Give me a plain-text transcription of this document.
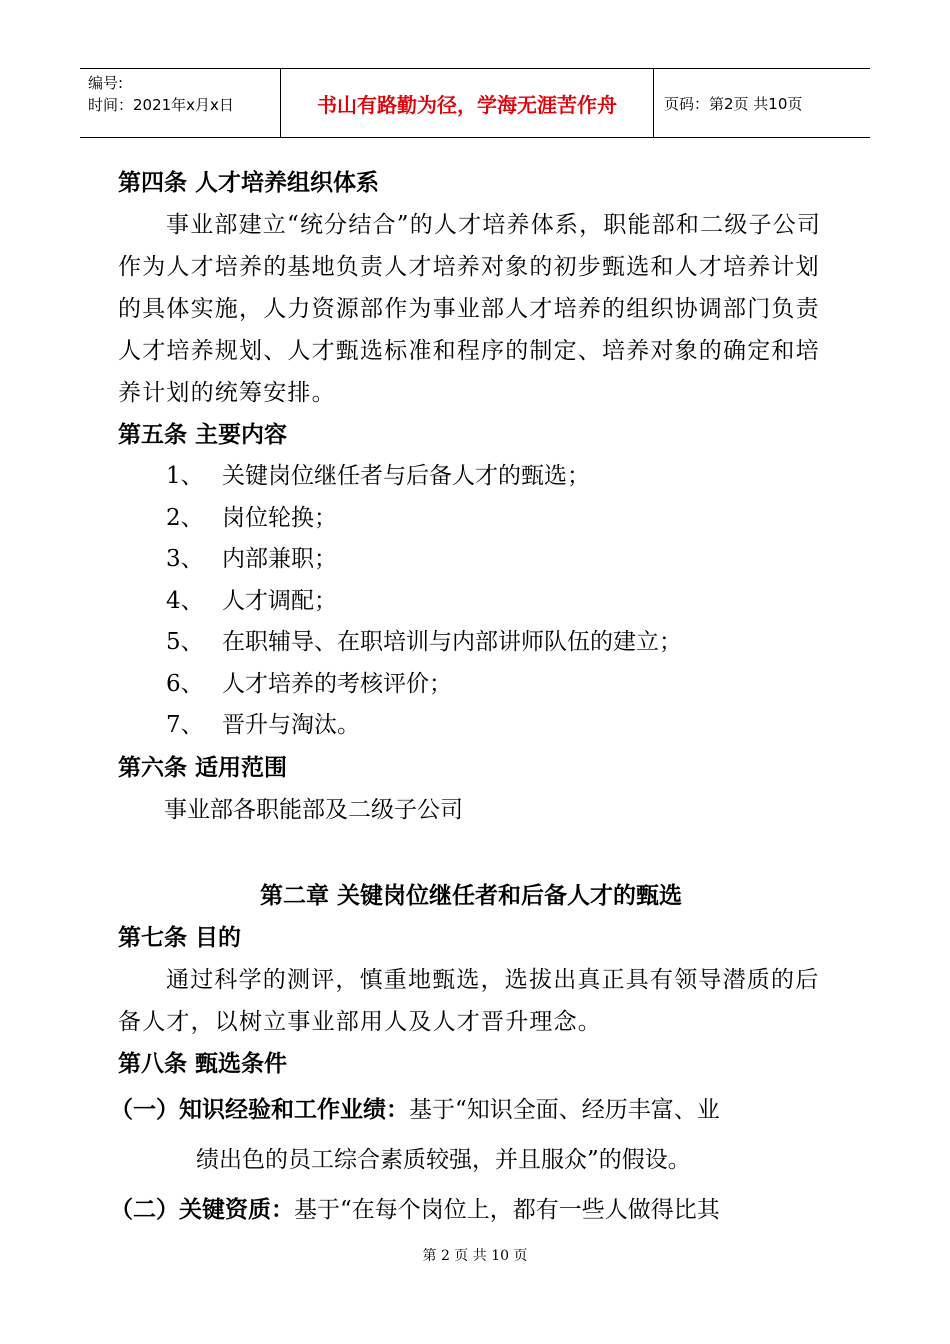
编号:
时间：2021年x月x日	书山有路勤为径，学海无涯苦作舟	页码：第2页 共10页
第四条 人才培养组织体系

事业部建立“统分结合”的人才培养体系，职能部和二级子公司作为人才培养的基地负责人才培养对象的初步甄选和人才培养计划的具体实施，人力资源部作为事业部人才培养的组织协调部门负责人才培养规划、人才甄选标准和程序的制定、培养对象的确定和培养计划的统筹安排。

第五条 主要内容
1、 关键岗位继任者与后备人才的甄选；
2、 岗位轮换；
3、 内部兼职；
4、 人才调配；
5、 在职辅导、在职培训与内部讲师队伍的建立；
6、 人才培养的考核评价；
7、 晋升与淘汰。
第六条 适用范围
事业部各职能部及二级子公司
第二章 关键岗位继任者和后备人才的甄选
第七条 目的

通过科学的测评，慎重地甄选，选拔出真正具有领导潜质的后备人才，以树立事业部用人及人才晋升理念。

第八条 甄选条件

（一）知识经验和工作业绩：基于“知识全面、经历丰富、业

绩出色的员工综合素质较强，并且服众”的假设。

（二）关键资质：基于“在每个岗位上，都有一些人做得比其

第 2 页 共 10 页
